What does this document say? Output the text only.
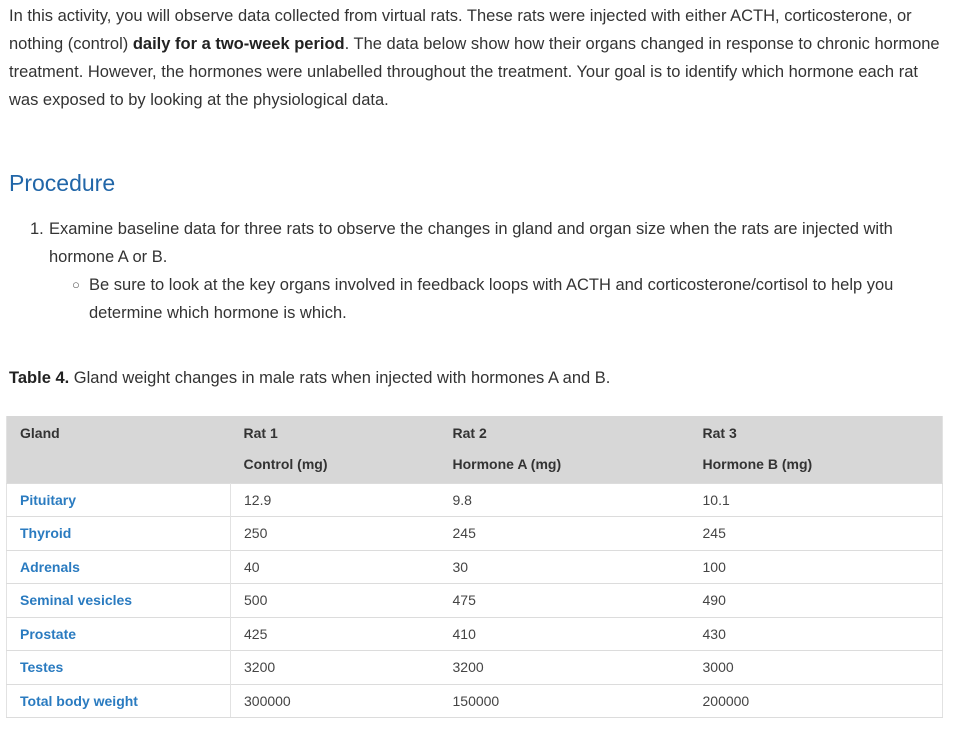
In this activity, you will observe data collected from virtual rats. These rats were injected with either ACTH, corticosterone, or nothing (control) daily for a two-week period. The data below show how their organs changed in response to chronic hormone treatment. However, the hormones were unlabelled throughout the treatment. Your goal is to identify which hormone each rat was exposed to by looking at the physiological data.

Procedure
1. Examine baseline data for three rats to observe the changes in gland and organ size when the rats are injected with hormone A or B.
○ Be sure to look at the key organs involved in feedback loops with ACTH and corticosterone/cortisol to help you determine which hormone is which.

Table 4. Gland weight changes in male rats when injected with hormones A and B.

Gland	Rat 1	Rat 2	Rat 3
	Control (mg)	Hormone A (mg)	Hormone B (mg)
Pituitary	12.9	9.8	10.1
Thyroid	250	245	245
Adrenals	40	30	100
Seminal vesicles	500	475	490
Prostate	425	410	430
Testes	3200	3200	3000
Total body weight	300000	150000	200000
